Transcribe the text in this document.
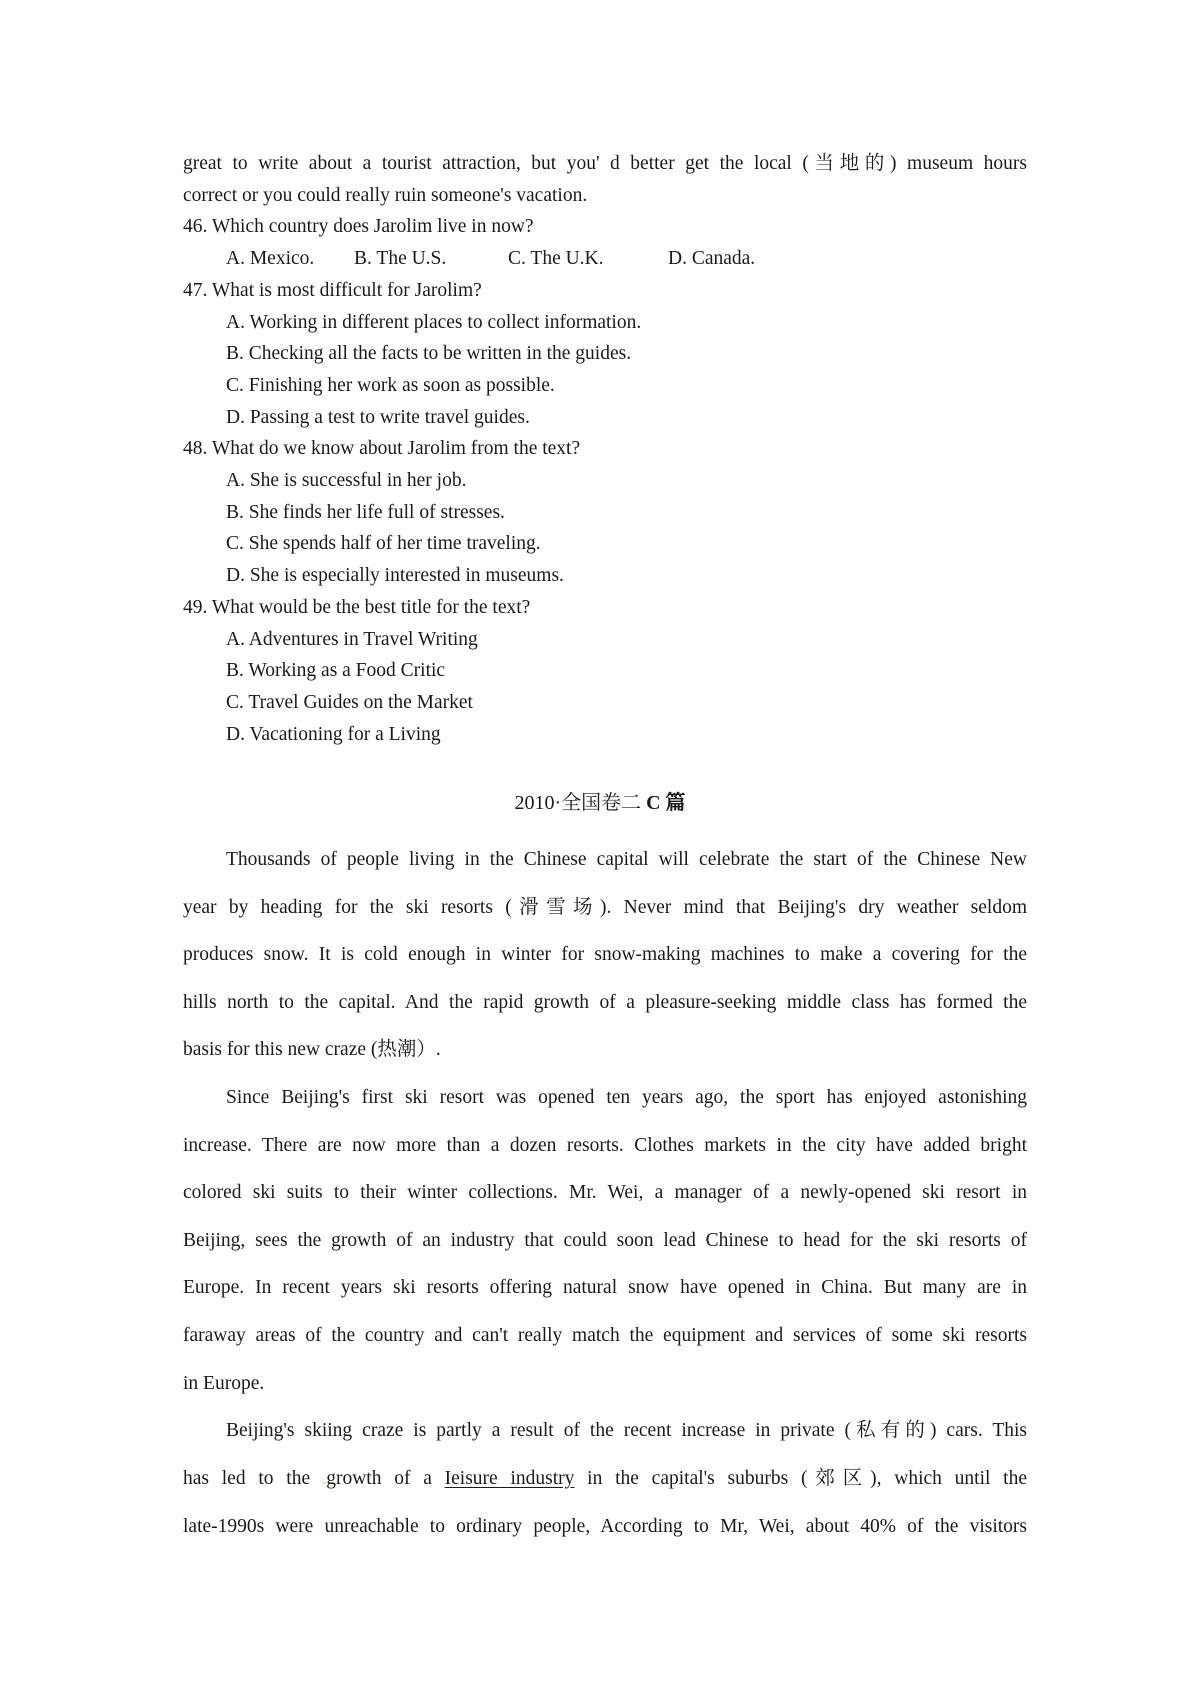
great to write about a tourist attraction, but you' d better get the local (当地的) museum hours

correct or you could really ruin someone's vacation.

46. Which country does Jarolim live in now?

A. Mexico. B. The U.S.	C. The U.K.	D. Canada.

47. What is most difficult for Jarolim?

A. Working in different places to collect information.

B. Checking all the facts to be written in the guides.

C. Finishing her work as soon as possible.

D. Passing a test to write travel guides.

48. What do we know about Jarolim from the text?

A. She is successful in her job.

B. She finds her life full of stresses.

C. She spends half of her time traveling.

D. She is especially interested in museums.

49. What would be the best title for the text?

A. Adventures in Travel Writing

B. Working as a Food Critic

C. Travel Guides on the Market

D. Vacationing for a Living

2010·全国卷二 C 篇

Thousands of people living in the Chinese capital will celebrate the start of the Chinese New

year by heading for the ski resorts (滑雪场). Never mind that Beijing's dry weather seldom

produces snow. It is cold enough in winter for snow-making machines to make a covering for the

hills north to the capital. And the rapid growth of a pleasure-seeking middle class has formed the

basis for this new craze (热潮）.

Since Beijing's first ski resort was opened ten years ago, the sport has enjoyed astonishing

increase. There are now more than a dozen resorts. Clothes markets in the city have added bright

colored ski suits to their winter collections. Mr. Wei, a manager of a newly-opened ski resort in

Beijing, sees the growth of an industry that could soon lead Chinese to head for the ski resorts of

Europe. In recent years ski resorts offering natural snow have opened in China. But many are in

faraway areas of the country and can't really match the equipment and services of some ski resorts

in Europe.

Beijing's skiing craze is partly a result of the recent increase in private (私有的) cars. This

has led to the ˳growth of a Ieisure industry in the capital's suburbs (郊区), which until the

late-1990s were unreachable to ordinary people, According to Mr, Wei, about 40% of the visitors
